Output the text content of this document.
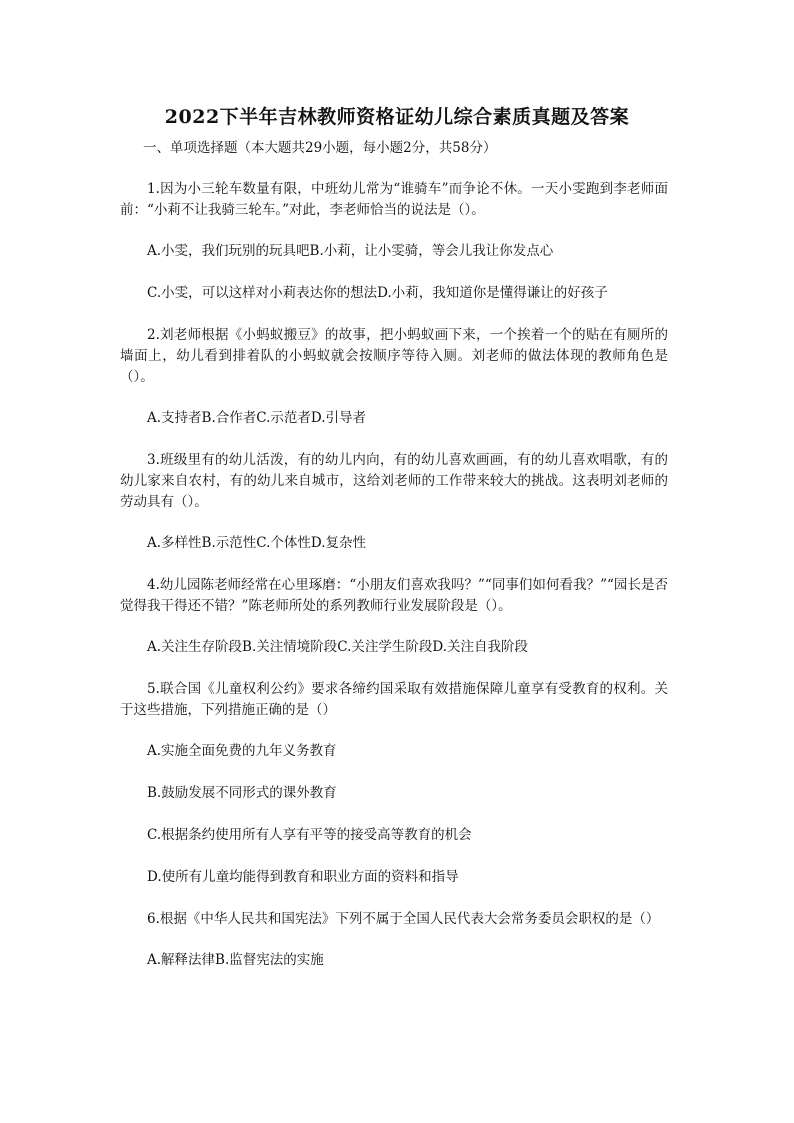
2022下半年吉林教师资格证幼儿综合素质真题及答案
一、单项选择题（本大题共29小题，每小题2分，共58分）

1.因为小三轮车数量有限，中班幼儿常为“谁骑车”而争论不休。一天小雯跑到李老师面前：“小莉不让我骑三轮车。”对此，李老师恰当的说法是（）。

A.小雯，我们玩别的玩具吧B.小莉，让小雯骑，等会儿我让你发点心

C.小雯，可以这样对小莉表达你的想法D.小莉，我知道你是懂得谦让的好孩子

2.刘老师根据《小蚂蚁搬豆》的故事，把小蚂蚁画下来，一个挨着一个的贴在有厕所的墙面上，幼儿看到排着队的小蚂蚁就会按顺序等待入厕。刘老师的做法体现的教师角色是（）。

A.支持者B.合作者C.示范者D.引导者

3.班级里有的幼儿活泼，有的幼儿内向，有的幼儿喜欢画画，有的幼儿喜欢唱歌，有的幼儿家来自农村，有的幼儿来自城市，这给刘老师的工作带来较大的挑战。这表明刘老师的劳动具有（）。

A.多样性B.示范性C.个体性D.复杂性

4.幼儿园陈老师经常在心里琢磨：“小朋友们喜欢我吗？”“同事们如何看我？”“园长是否觉得我干得还不错？”陈老师所处的系列教师行业发展阶段是（）。

A.关注生存阶段B.关注情境阶段C.关注学生阶段D.关注自我阶段

5.联合国《儿童权利公约》要求各缔约国采取有效措施保障儿童享有受教育的权利。关于这些措施，下列措施正确的是（）

A.实施全面免费的九年义务教育

B.鼓励发展不同形式的课外教育

C.根据条约使用所有人享有平等的接受高等教育的机会

D.使所有儿童均能得到教育和职业方面的资料和指导

6.根据《中华人民共和国宪法》下列不属于全国人民代表大会常务委员会职权的是（）

A.解释法律B.监督宪法的实施
